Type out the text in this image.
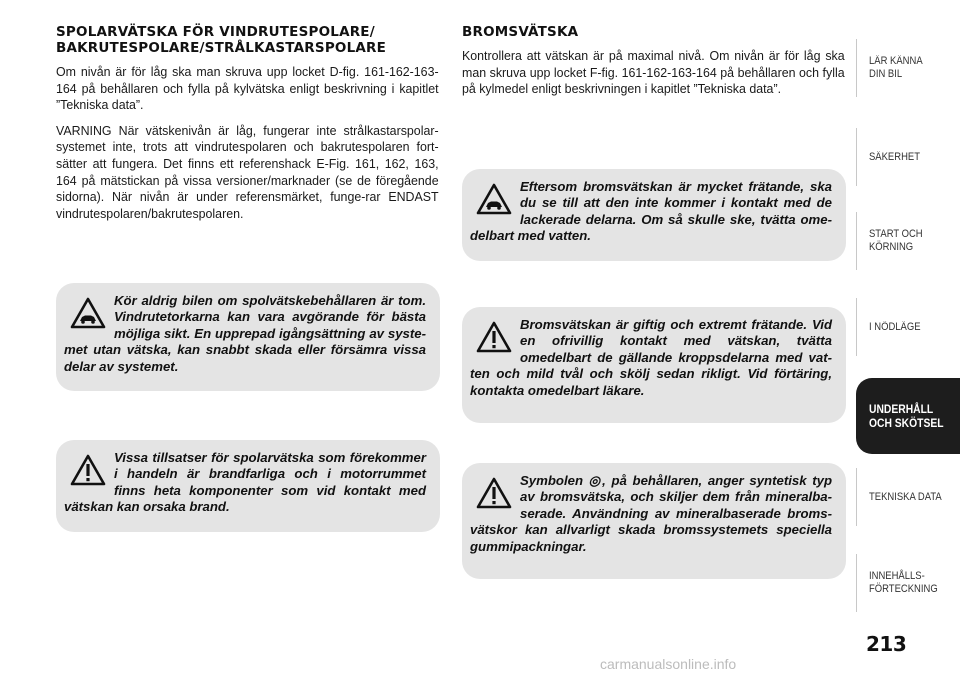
SPOLARVÄTSKA FÖR VINDRUTESPOLARE/
BAKRUTESPOLARE/STRÅLKASTARSPOLARE

Om nivån är för låg ska man skruva upp locket D-fig. 161-162-163-164 på behållaren och fylla på kylvätska enligt beskrivning i kapitlet ”Tekniska data”.

VARNING När vätskenivån är låg, fungerar inte strålkastarspolar-systemet inte, trots att vindrutespolaren och bakrutespolaren fort-sätter att fungera. Det finns ett referenshack E-Fig. 161, 162, 163, 164 på mätstickan på vissa versioner/marknader (se de föregående sidorna). När nivån är under referensmärket, funge-rar ENDAST vindrutespolaren/bakrutespolaren.

BROMSVÄTSKA

Kontrollera att vätskan är på maximal nivå. Om nivån är för låg ska man skruva upp locket F-fig. 161-162-163-164 på behållaren och fylla på kylmedel enligt beskrivningen i kapitlet ”Tekniska data”.

Kör aldrig bilen om spolvätskebehållaren är tom. Vindrutetorkarna kan vara avgörande för bästa möjliga sikt. En upprepad igångsättning av syste-met utan vätska, kan snabbt skada eller försämra vissa delar av systemet.

Vissa tillsatser för spolarvätska som förekommer i handeln är brandfarliga och i motorrummet finns heta komponenter som vid kontakt med vätskan kan orsaka brand.

Eftersom bromsvätskan är mycket frätande, ska du se till att den inte kommer i kontakt med de lackerade delarna. Om så skulle ske, tvätta ome-delbart med vatten.

Bromsvätskan är giftig och extremt frätande. Vid en ofrivillig kontakt med vätskan, tvätta omedelbart de gällande kroppsdelarna med vat-ten och mild tvål och skölj sedan rikligt. Vid förtäring, kontakta omedelbart läkare.

Symbolen ◎, på behållaren, anger syntetisk typ av bromsvätska, och skiljer dem från mineralba-serade. Användning av mineralbaserade broms-vätskor kan allvarligt skada bromssystemets speciella gummipackningar.

LÄR KÄNNA
DIN BIL
SÄKERHET
START OCH
KÖRNING
I NÖDLÄGE
UNDERHÅLL
OCH SKÖTSEL
TEKNISKA DATA
INNEHÅLLS-
FÖRTECKNING
213
carmanualsonline.info
